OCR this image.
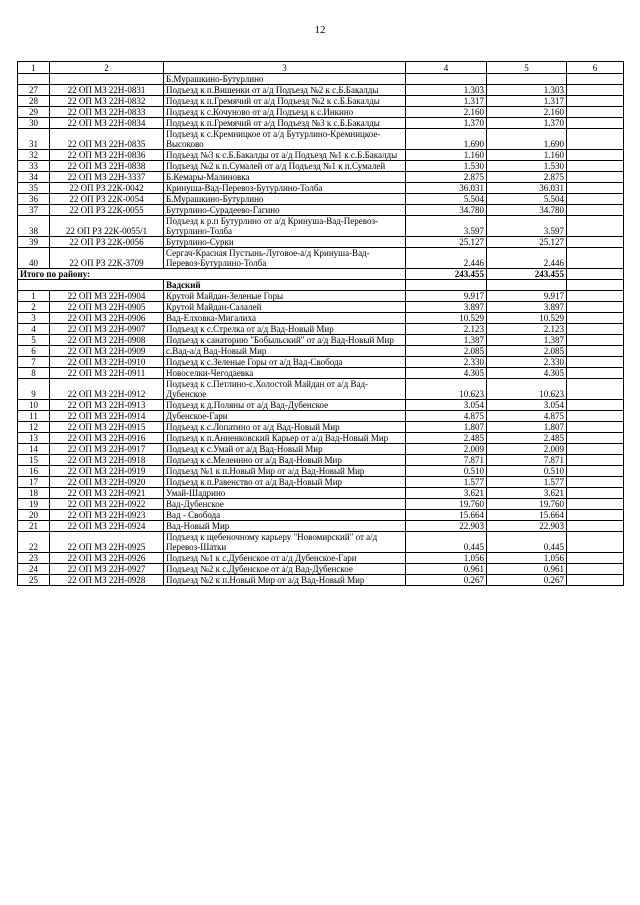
12
1	2	3	4	5	6
		Б.Мурашкино-Бутурлино			
27	22 ОП МЗ 22Н-0831	Подъезд к п.Вишенки от а/д Подъезд №2 к с.Б.Бакалды	1.303	1.303	
28	22 ОП МЗ 22Н-0832	Подъезд к п.Гремячий от а/д Подъезд №2 к с.Б.Бакалды	1.317	1.317	
29	22 ОП МЗ 22Н-0833	Подъезд к с.Кочуново от а/д Подъезд к с.Инкино	2.160	2.160	
30	22 ОП МЗ 22Н-0834	Подъезд к п.Гремячий от а/д Подъезд №3 к с.Б.Бакалды	1.370	1.370	
31	22 ОП МЗ 22Н-0835	Подъезд к с.Кремницкое от а/д Бутурлино-Кремницкое-Высоково	1.690	1.690	
32	22 ОП МЗ 22Н-0836	Подъезд №3 к с.Б.Бакалды от а/д Подъезд №1 к с.Б.Бакалды	1.160	1.160	
33	22 ОП МЗ 22Н-0838	Подъезд №2 к п.Сумалей от а/д Подъезд №1 к п.Сумалей	1.530	1.530	
34	22 ОП МЗ 22Н-3337	Б.Кемары-Малиновка	2.875	2.875	
35	22 ОП РЗ 22К-0042	Кринуша-Вад-Перевоз-Бутурлино-Толба	36.031	36.031	
36	22 ОП РЗ 22К-0054	Б.Мурашкино-Бутурлино	5.504	5.504	
37	22 ОП РЗ 22К-0055	Бутурлино-Сурадеево-Гагино	34.780	34.780	
38	22 ОП РЗ 22К-0055/1	Подъезд к р.п Бутурлино от а/д Кринуша-Вад-Перевоз-Бутурлино-Толба	3.597	3.597	
39	22 ОП РЗ 22К-0056	Бутурлино-Сурки	25.127	25.127	
40	22 ОП РЗ 22К-3709	Сергач-Красная Пустынь-Луговое-а/д Кринуша-Вад-Перевоз-Бутурлино-Толба	2.446	2.446	
Итого по району:			243.455	243.455	
		Вадский			
1	22 ОП МЗ 22Н-0904	Крутой Майдан-Зеленые Горы	9.917	9.917	
2	22 ОП МЗ 22Н-0905	Крутой Майдан-Салалей	3.897	3.897	
3	22 ОП МЗ 22Н-0906	Вад-Елховка-Мигалиха	10.529	10.529	
4	22 ОП МЗ 22Н-0907	Подъезд к с.Стрелка от а/д Вад-Новый Мир	2.123	2.123	
5	22 ОП МЗ 22Н-0908	Подъезд к санаторию "Бобыльский" от а/д Вад-Новый Мир	1.387	1.387	
6	22 ОП МЗ 22Н-0909	с.Вад-а/д Вад-Новый Мир	2.085	2.085	
7	22 ОП МЗ 22Н-0910	Подъезд к с.Зеленые Горы от а/д Вад-Свобода	2.330	2.330	
8	22 ОП МЗ 22Н-0911	Новоселки-Чегодаевка	4.305	4.305	
9	22 ОП МЗ 22Н-0912	Подъезд к с.Петлино-с.Холостой Майдан от а/д Вад-Дубенское	10.623	10.623	
10	22 ОП МЗ 22Н-0913	Подъезд к д.Поляны от а/д Вад-Дубенское	3.054	3.054	
11	22 ОП МЗ 22Н-0914	Дубенское-Гари	4.875	4.875	
12	22 ОП МЗ 22Н-0915	Подъезд к с.Лопатино от а/д Вад-Новый Мир	1.807	1.807	
13	22 ОП МЗ 22Н-0916	Подъезд к п.Анненковский Карьер от а/д Вад-Новый Мир	2.485	2.485	
14	22 ОП МЗ 22Н-0917	Подъезд к с.Умай от а/д Вад-Новый Мир	2.009	2.009	
15	22 ОП МЗ 22Н-0918	Подъезд к с.Мелеинно от а/д Вад-Новый Мир	7.871	7.871	
16	22 ОП МЗ 22Н-0919	Подъезд №1 к п.Новый Мир от а/д Вад-Новый Мир	0.510	0.510	
17	22 ОП МЗ 22Н-0920	Подъезд к п.Равенство от а/д Вад-Новый Мир	1.577	1.577	
18	22 ОП МЗ 22Н-0921	Умай-Шадрино	3.621	3.621	
19	22 ОП МЗ 22Н-0922	Вад-Дубенское	19.760	19.760	
20	22 ОП МЗ 22Н-0923	Вад - Свобода	15.664	15.664	
21	22 ОП МЗ 22Н-0924	Вад-Новый Мир	22.903	22.903	
22	22 ОП МЗ 22Н-0925	Подъезд к щебеночному карьеру "Новомирский" от а/д Перевоз-Шатки	0.445	0.445	
23	22 ОП МЗ 22Н-0926	Подъезд №1 к с.Дубенское от а/д Дубенское-Гари	1.056	1.056	
24	22 ОП МЗ 22Н-0927	Подъезд №2 к с.Дубенское от а/д Вад-Дубенское	0.961	0.961	
25	22 ОП МЗ 22Н-0928	Подъезд №2 к п.Новый Мир от а/д Вад-Новый Мир	0.267	0.267	
